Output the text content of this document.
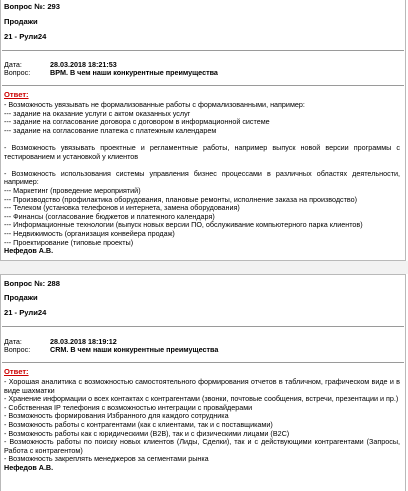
Вопрос №: 293
Продажи
21 - Рули24
Дата:	28.03.2018 18:21:53
Вопрос:	BPM. В чем наши конкурентные преимущества
Ответ:
- Возможность увязывать не формализованные работы с формализованными, например:
--- задание на оказание услуги с актом оказанных услуг
--- задание на согласование договора с договором в информационной системе
--- задание на согласование платежа с платежным календарем

- Возможность увязывать проектные и регламентные работы, например выпуск новой версии программы с тестированием и установкой у клиентов

- Возможность использования системы управления бизнес процессами в различных областях деятельности, например:
--- Маркетинг (проведение мероприятий)
--- Производство (профилактика оборудования, плановые ремонты, исполнение заказа на производство)
--- Телеком (установка телефонов и интернета, замена оборудования)
--- Финансы (согласование бюджетов и платежного календаря)
--- Информационные технологии (выпуск новых версии ПО, обслуживание компьютерного парка клиентов)
--- Недвижимость (организация конвейера продаж)
--- Проектирование (типовые проекты)
Нефедов А.В.
Вопрос №: 288
Продажи
21 - Рули24
Дата:	28.03.2018 18:19:12
Вопрос:	CRM. В чем наши конкурентные преимущества
Ответ:
- Хорошая аналитика с возможностью самостоятельного формирования отчетов в табличном, графическом виде и в виде шахматки
- Хранение информации о всех контактах с контрагентами (звонки, почтовые сообщения, встречи, презентации и пр.)
- Собственная IP телефония с возможностью интеграции с провайдерами
- Возможность формирования Избранного для каждого сотрудника
- Возможность работы с контрагентами (как с клиентами, так и с поставщиками)
- Возможность работы как с юридическими (B2B), так и с физическими лицами (B2C)
- Возможность работы по поиску новых клиентов (Лиды, Сделки), так и с действующими контрагентами (Запросы, Работа с контрагентом)
- Возможность закреплять менеджеров за сегментами рынка
Нефедов А.В.
